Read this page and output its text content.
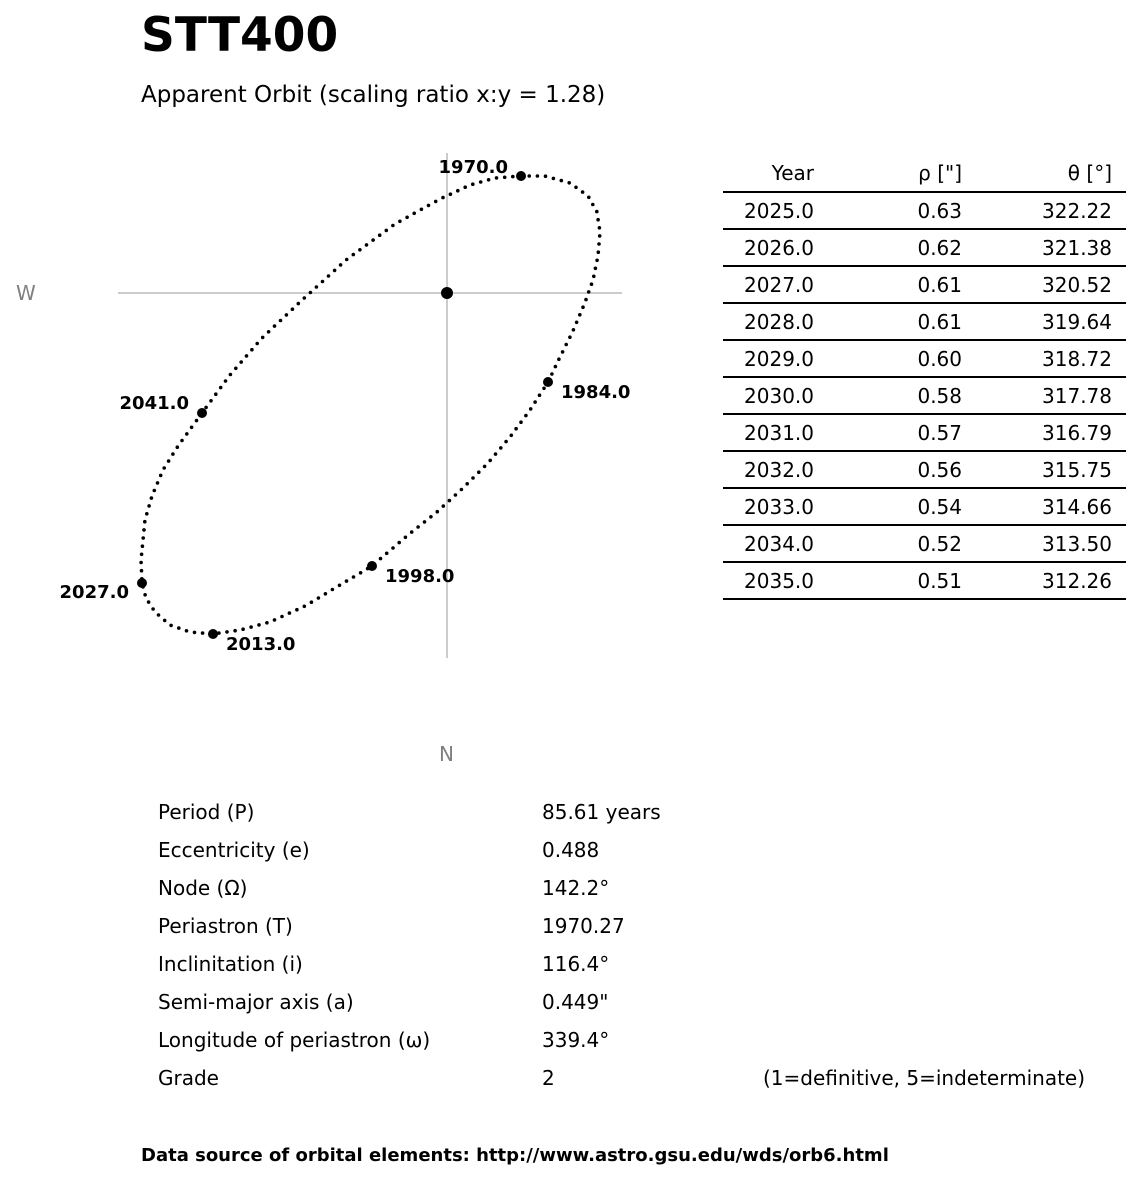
STT400
Apparent Orbit (scaling ratio x:y = 1.28)
1970.0
1984.0
1998.0
2013.0
2027.0
2041.0
W
N
Year	ρ ["]	θ [°]
2025.0	0.63	322.22
2026.0	0.62	321.38
2027.0	0.61	320.52
2028.0	0.61	319.64
2029.0	0.60	318.72
2030.0	0.58	317.78
2031.0	0.57	316.79
2032.0	0.56	315.75
2033.0	0.54	314.66
2034.0	0.52	313.50
2035.0	0.51	312.26
Period (P)	85.61 years
Eccentricity (e)	0.488
Node (Ω)	142.2°
Periastron (T)	1970.27
Inclinitation (i)	116.4°
Semi-major axis (a)	0.449"
Longitude of periastron (ω)	339.4°
Grade	2	(1=definitive, 5=indeterminate)
Data source of orbital elements: http://www.astro.gsu.edu/wds/orb6.html
